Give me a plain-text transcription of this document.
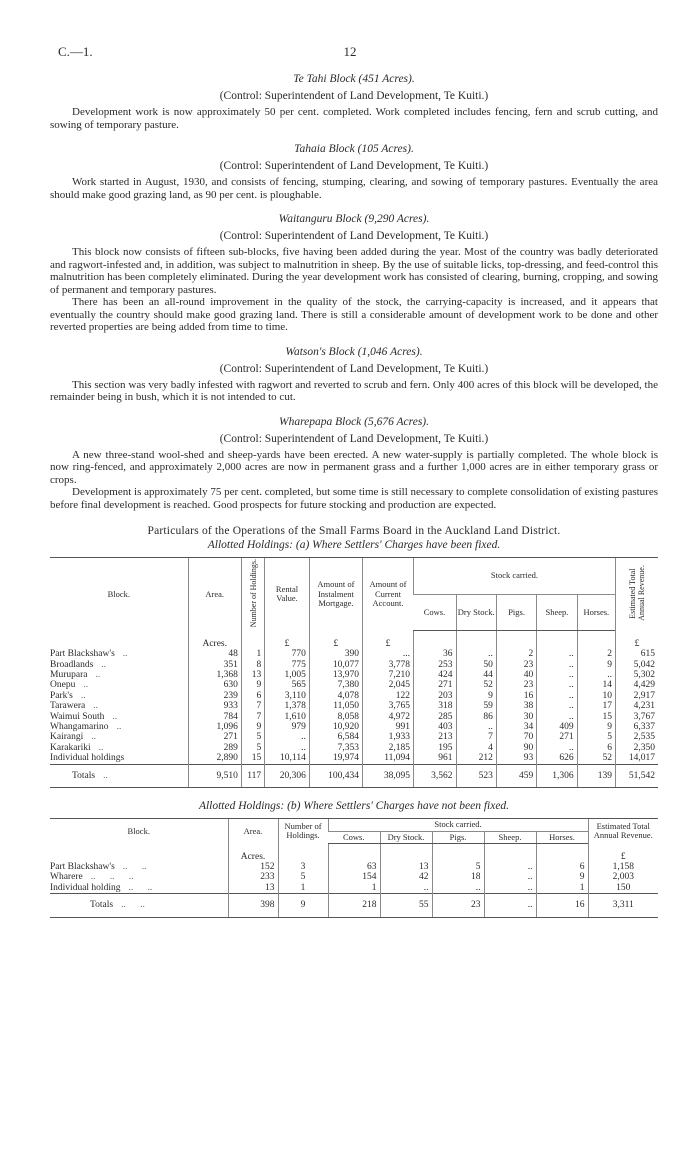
C.—1.	12
Te Tahi Block (451 Acres).
(Control: Superintendent of Land Development, Te Kuiti.)

Development work is now approximately 50 per cent. completed. Work completed includes fencing, fern and scrub cutting, and sowing of temporary pasture.

Tahaia Block (105 Acres).
(Control: Superintendent of Land Development, Te Kuiti.)

Work started in August, 1930, and consists of fencing, stumping, clearing, and sowing of temporary pastures. Eventually the area should make good grazing land, as 90 per cent. is ploughable.

Waitanguru Block (9,290 Acres).
(Control: Superintendent of Land Development, Te Kuiti.)

This block now consists of fifteen sub-blocks, five having been added during the year. Most of the country was badly deteriorated and ragwort-infested and, in addition, was subject to malnutrition in sheep. By the use of suitable licks, top-dressing, and feed-control this malnutrition has been completely eliminated. During the year development work has consisted of clearing, burning, cropping, and sowing of permanent and temporary pastures.

There has been an all-round improvement in the quality of the stock, the carrying-capacity is increased, and it appears that eventually the country should make good grazing land. There is still a considerable amount of development work to be done and other reverted properties are being added from time to time.

Watson's Block (1,046 Acres).
(Control: Superintendent of Land Development, Te Kuiti.)

This section was very badly infested with ragwort and reverted to scrub and fern. Only 400 acres of this block will be developed, the remainder being in bush, which it is not intended to cut.

Wharepapa Block (5,676 Acres).
(Control: Superintendent of Land Development, Te Kuiti.)

A new three-stand wool-shed and sheep-yards have been erected. A new water-supply is partially completed. The whole block is now ring-fenced, and approximately 2,000 acres are now in permanent grass and a further 1,000 acres are in either temporary grass or crops.

Development is approximately 75 per cent. completed, but some time is still necessary to complete consolidation of existing pastures before final development is reached. Good prospects for future stocking and production are expected.

Particulars of the Operations of the Small Farms Board in the Auckland Land District.
Allotted Holdings: (a) Where Settlers' Charges have been fixed.
Block.	Area.	Number of Holdings.	Rental Value.	Amount of Instalment Mortgage.	Amount of Current Account.	Stock carried.					Estimated Total Annual Revenue.
						Cows.	Dry Stock.	Pigs.	Sheep.	Horses.	
	Acres.		£	£	£						£
Part Blackshaw's ..	48	1	770	390	...	36	..	2	..	2	615
Broadlands ..	351	8	775	10,077	3,778	253	50	23	..	9	5,042
Murupara ..	1,368	13	1,005	13,970	7,210	424	44	40	..	..	5,302
Onepu ..	630	9	565	7,380	2,045	271	52	23	..	14	4,429
Park's ..	239	6	3,110	4,078	122	203	9	16	..	10	2,917
Tarawera ..	933	7	1,378	11,050	3,765	318	59	38	..	17	4,231
Waimui South ..	784	7	1,610	8,058	4,972	285	86	30	..	15	3,767
Whangamarino ..	1,096	9	979	10,920	991	403	..	34	409	9	6,337
Kairangi ..	271	5	..	6,584	1,933	213	7	70	271	5	2,535
Karakariki ..	289	5	..	7,353	2,185	195	4	90	..	6	2,350
Individual holdings	2,890	15	10,114	19,974	11,094	961	212	93	626	52	14,017
Totals ..	9,510	117	20,306	100,434	38,095	3,562	523	459	1,306	139	51,542
Allotted Holdings: (b) Where Settlers' Charges have not been fixed.
Block.	Area.	Number of Holdings.	Stock carried.					Estimated Total Annual Revenue.
			Cows.	Dry Stock.	Pigs.	Sheep.	Horses.	
	Acres.							£
Part Blackshaw's ..      ..	152	3	63	13	5	..	6	1,158
Wharere ..      ..      ..	233	5	154	42	18	..	9	2,003
Individual holding ..      ..	13	1	1	..	..	..	1	150
Totals ..      ..	398	9	218	55	23	..	16	3,311
